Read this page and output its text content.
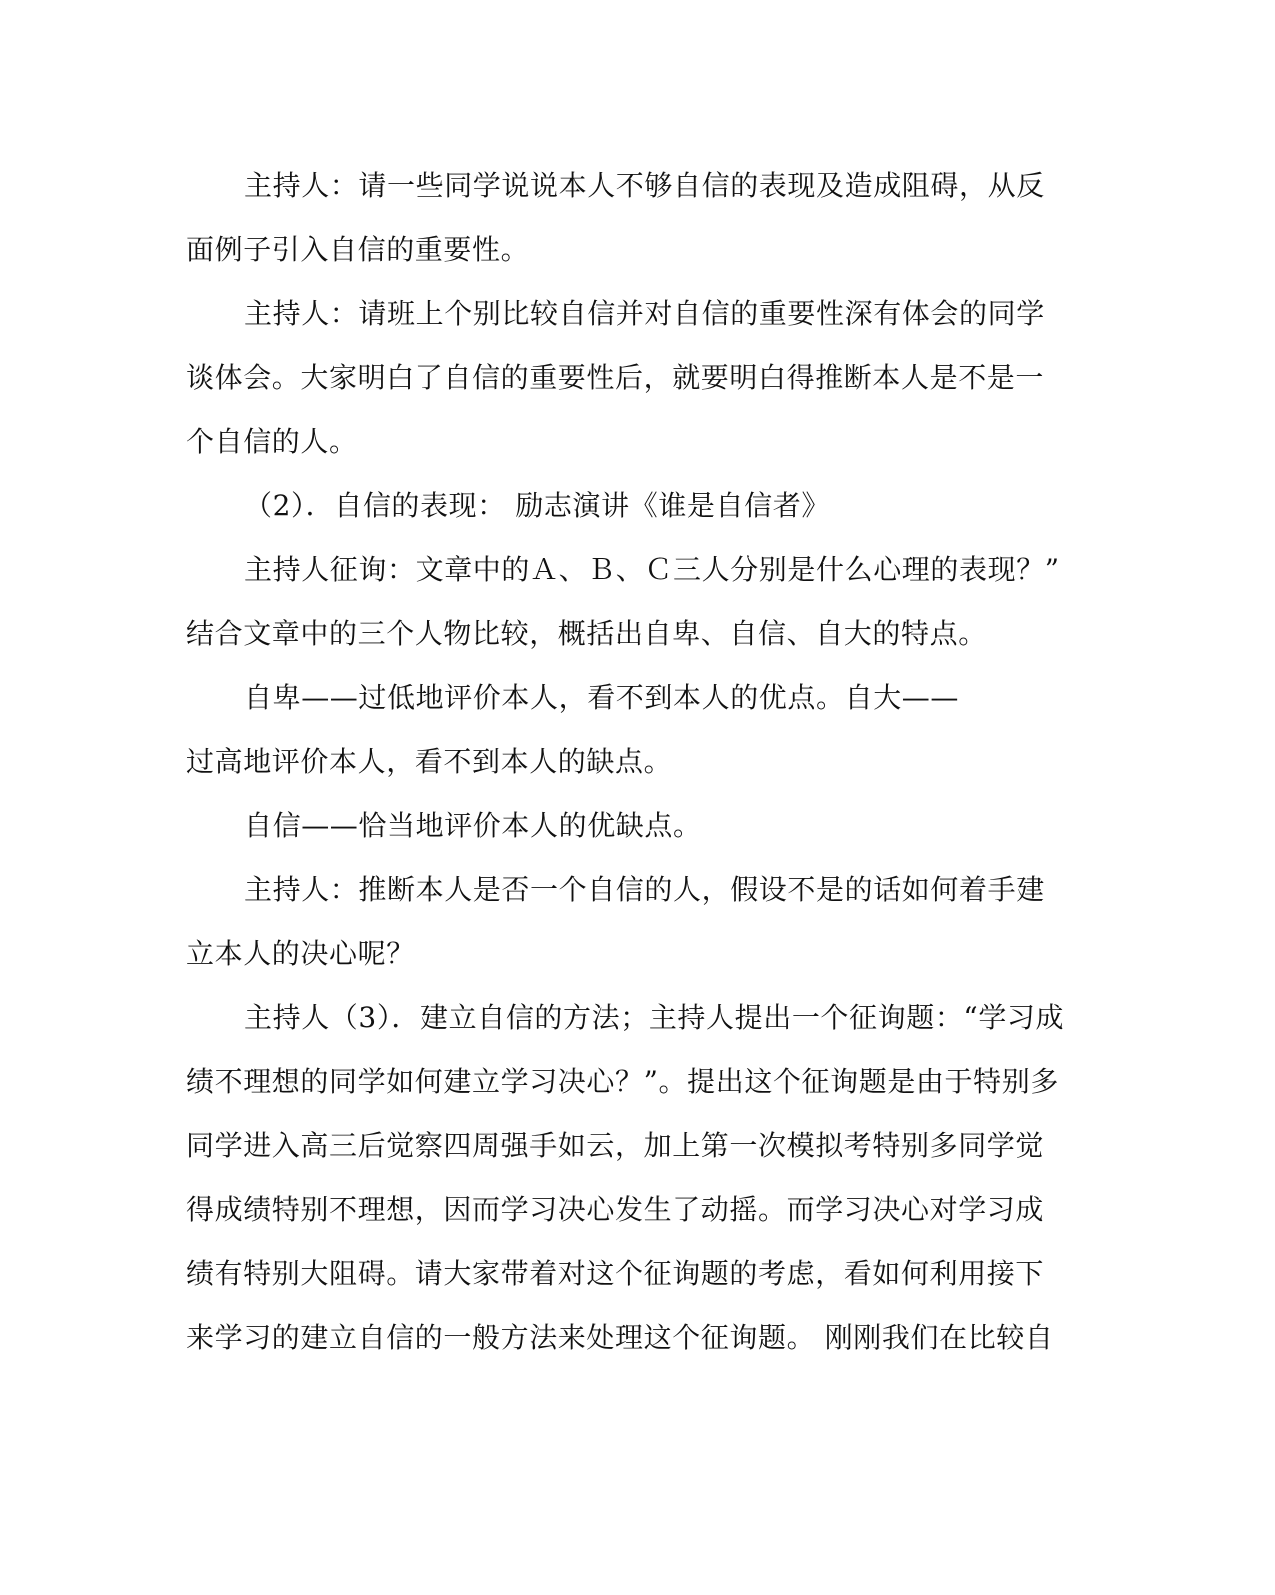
主持人：请一些同学说说本人不够自信的表现及造成阻碍，从反
面例子引入自信的重要性。
主持人：请班上个别比较自信并对自信的重要性深有体会的同学
谈体会。大家明白了自信的重要性后，就要明白得推断本人是不是一
个自信的人。
（2）．自信的表现： 励志演讲《谁是自信者》
主持人征询：文章中的Ａ、Ｂ、Ｃ三人分别是什么心理的表现？”
结合文章中的三个人物比较，概括出自卑、自信、自大的特点。
自卑——过低地评价本人，看不到本人的优点。自大——
过高地评价本人，看不到本人的缺点。
自信——恰当地评价本人的优缺点。
主持人：推断本人是否一个自信的人，假设不是的话如何着手建
立本人的决心呢？
主持人（3）．建立自信的方法；主持人提出一个征询题：“学习成
绩不理想的同学如何建立学习决心？”。提出这个征询题是由于特别多
同学进入高三后觉察四周强手如云，加上第一次模拟考特别多同学觉
得成绩特别不理想，因而学习决心发生了动摇。而学习决心对学习成
绩有特别大阻碍。请大家带着对这个征询题的考虑，看如何利用接下
来学习的建立自信的一般方法来处理这个征询题。 刚刚我们在比较自
